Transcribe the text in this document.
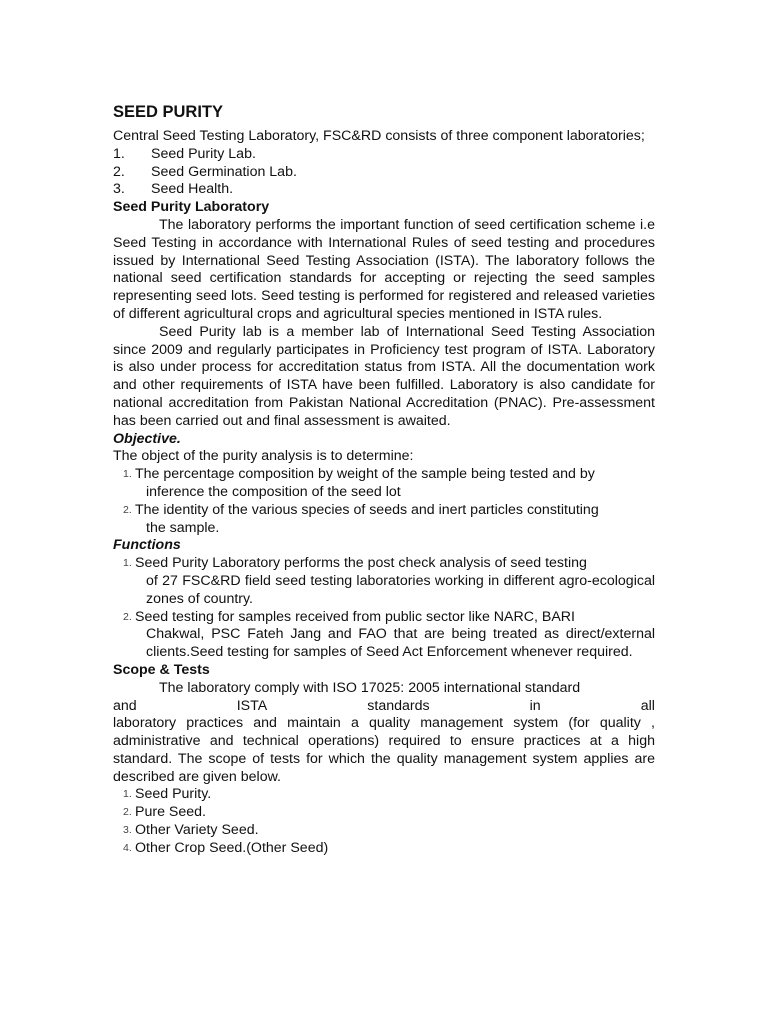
SEED PURITY

Central Seed Testing Laboratory, FSC&RD consists of three component laboratories;

1.	Seed Purity Lab.
2.	Seed Germination Lab.
3.	Seed Health.

Seed Purity Laboratory

The laboratory performs the important function of seed certification scheme i.e Seed Testing in accordance with International Rules of seed testing and procedures issued by International Seed Testing Association (ISTA). The laboratory follows the national seed certification standards for accepting or rejecting the seed samples representing seed lots. Seed testing is performed for registered and released varieties of different agricultural crops and agricultural species mentioned in ISTA rules.

Seed Purity lab is a member lab of International Seed Testing Association since 2009 and regularly participates in Proficiency test program of ISTA. Laboratory is also under process for accreditation status from ISTA. All the documentation work and other requirements of ISTA have been fulfilled. Laboratory is also candidate for national accreditation from Pakistan National Accreditation (PNAC). Pre-assessment has been carried out and final assessment is awaited.

Objective.

The object of the purity analysis is to determine:

1. The percentage composition by weight of the sample being tested and by
inference the composition of the seed lot
2. The identity of the various species of seeds and inert particles constituting
the sample.

Functions

1. Seed Purity Laboratory performs the post check analysis of seed testing
of 27 FSC&RD field seed testing laboratories working in different agro-ecological zones of country.
2. Seed testing for samples received from public sector like NARC, BARI
Chakwal, PSC Fateh Jang and FAO that are being treated as direct/external clients.Seed testing for samples of Seed Act Enforcement whenever required.

Scope & Tests

The laboratory comply with ISO 17025: 2005 international standard

and	ISTA	standards	in	all

laboratory practices and maintain a quality management system (for quality , administrative and technical operations) required to ensure practices at a high standard. The scope of tests for which the quality management system applies are described are given below.

1. Seed Purity.
2. Pure Seed.
3. Other Variety Seed.
4. Other Crop Seed.(Other Seed)
